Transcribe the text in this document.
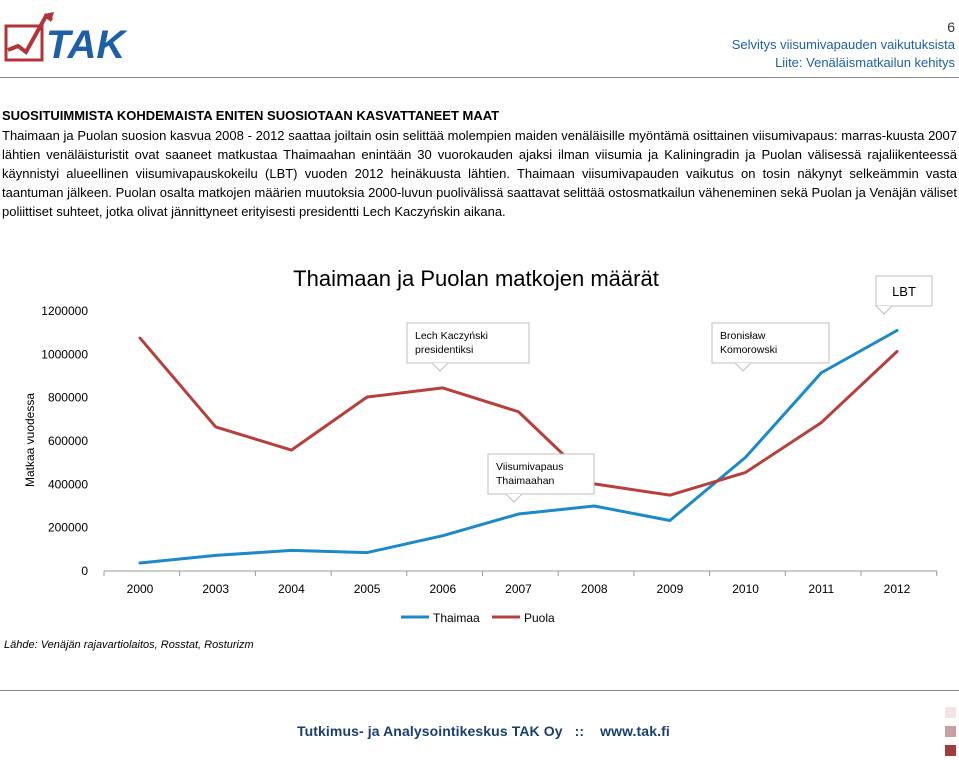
TAK	6
Selvitys viisumivapauden vaikutuksista
Liite: Venäläismatkailun kehitys
SUOSITUIMMISTA KOHDEMAISTA ENITEN SUOSIOTAAN KASVATTANEET MAAT
Thaimaan ja Puolan suosion kasvua 2008 - 2012 saattaa joiltain osin selittää molempien maiden venäläisille myöntämä osittainen viisumivapaus: marras-kuusta 2007 lähtien venäläisturistit ovat saaneet matkustaa Thaimaahan enintään 30 vuorokauden ajaksi ilman viisumia ja Kaliningradin ja Puolan välisessä rajaliikenteessä käynnistyi alueellinen viisumivapauskokeilu (LBT) vuoden 2012 heinäkuusta lähtien. Thaimaan viisumivapauden vaikutus on tosin näkynyt selkeämmin vasta taantuman jälkeen. Puolan osalta matkojen määrien muutoksia 2000-luvun puolivälissä saattavat selittää ostosmatkailun väheneminen sekä Puolan ja Venäjän väliset poliittiset suhteet, jotka olivat jännittyneet erityisesti presidentti Lech Kaczyńskin aikana.
Thaimaan ja Puolan matkojen määrät
Matkaa vuodessa
0
200000
400000
600000
800000
1000000
1200000
2000	2003	2004	2005	2006	2007	2008	2009	2010	2011	2012
Lech Kaczyński
presidentiksi
Bronisław
Komorowski
Viisumivapaus
Thaimaahan
LBT
Thaimaa	Puola
Lähde: Venäjän rajavartiolaitos, Rosstat, Rosturizm
Tutkimus- ja Analysointikeskus TAK Oy :: www.tak.fi
